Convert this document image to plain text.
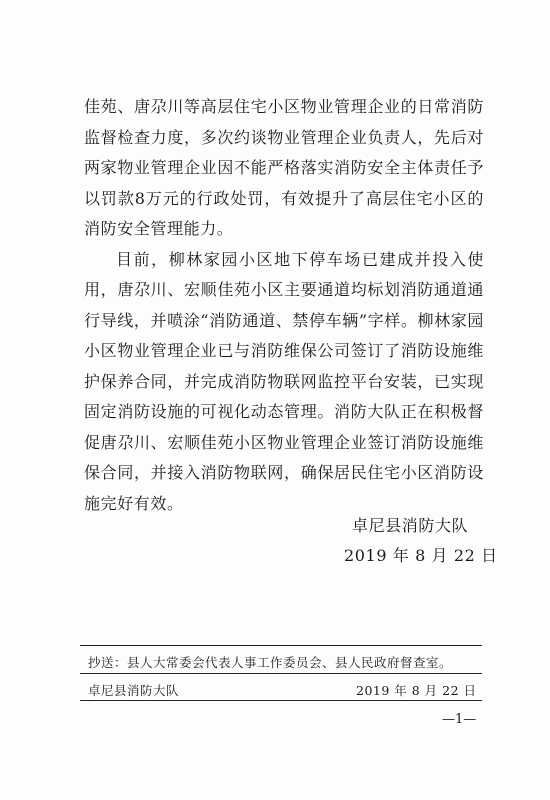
佳苑、唐尕川等高层住宅小区物业管理企业的日常消防监督检查力度，多次约谈物业管理企业负责人，先后对两家物业管理企业因不能严格落实消防安全主体责任予以罚款8万元的行政处罚，有效提升了高层住宅小区的消防安全管理能力。

目前，柳林家园小区地下停车场已建成并投入使用，唐尕川、宏顺佳苑小区主要通道均标划消防通道通行导线，并喷涂“消防通道、禁停车辆”字样。柳林家园小区物业管理企业已与消防维保公司签订了消防设施维护保养合同，并完成消防物联网监控平台安装，已实现固定消防设施的可视化动态管理。消防大队正在积极督促唐尕川、宏顺佳苑小区物业管理企业签订消防设施维保合同，并接入消防物联网，确保居民住宅小区消防设施完好有效。

卓尼县消防大队
2019 年 8 月 22 日
抄送：县人大常委会代表人事工作委员会、县人民政府督查室。
卓尼县消防大队	2019 年 8 月 22 日
—1—
